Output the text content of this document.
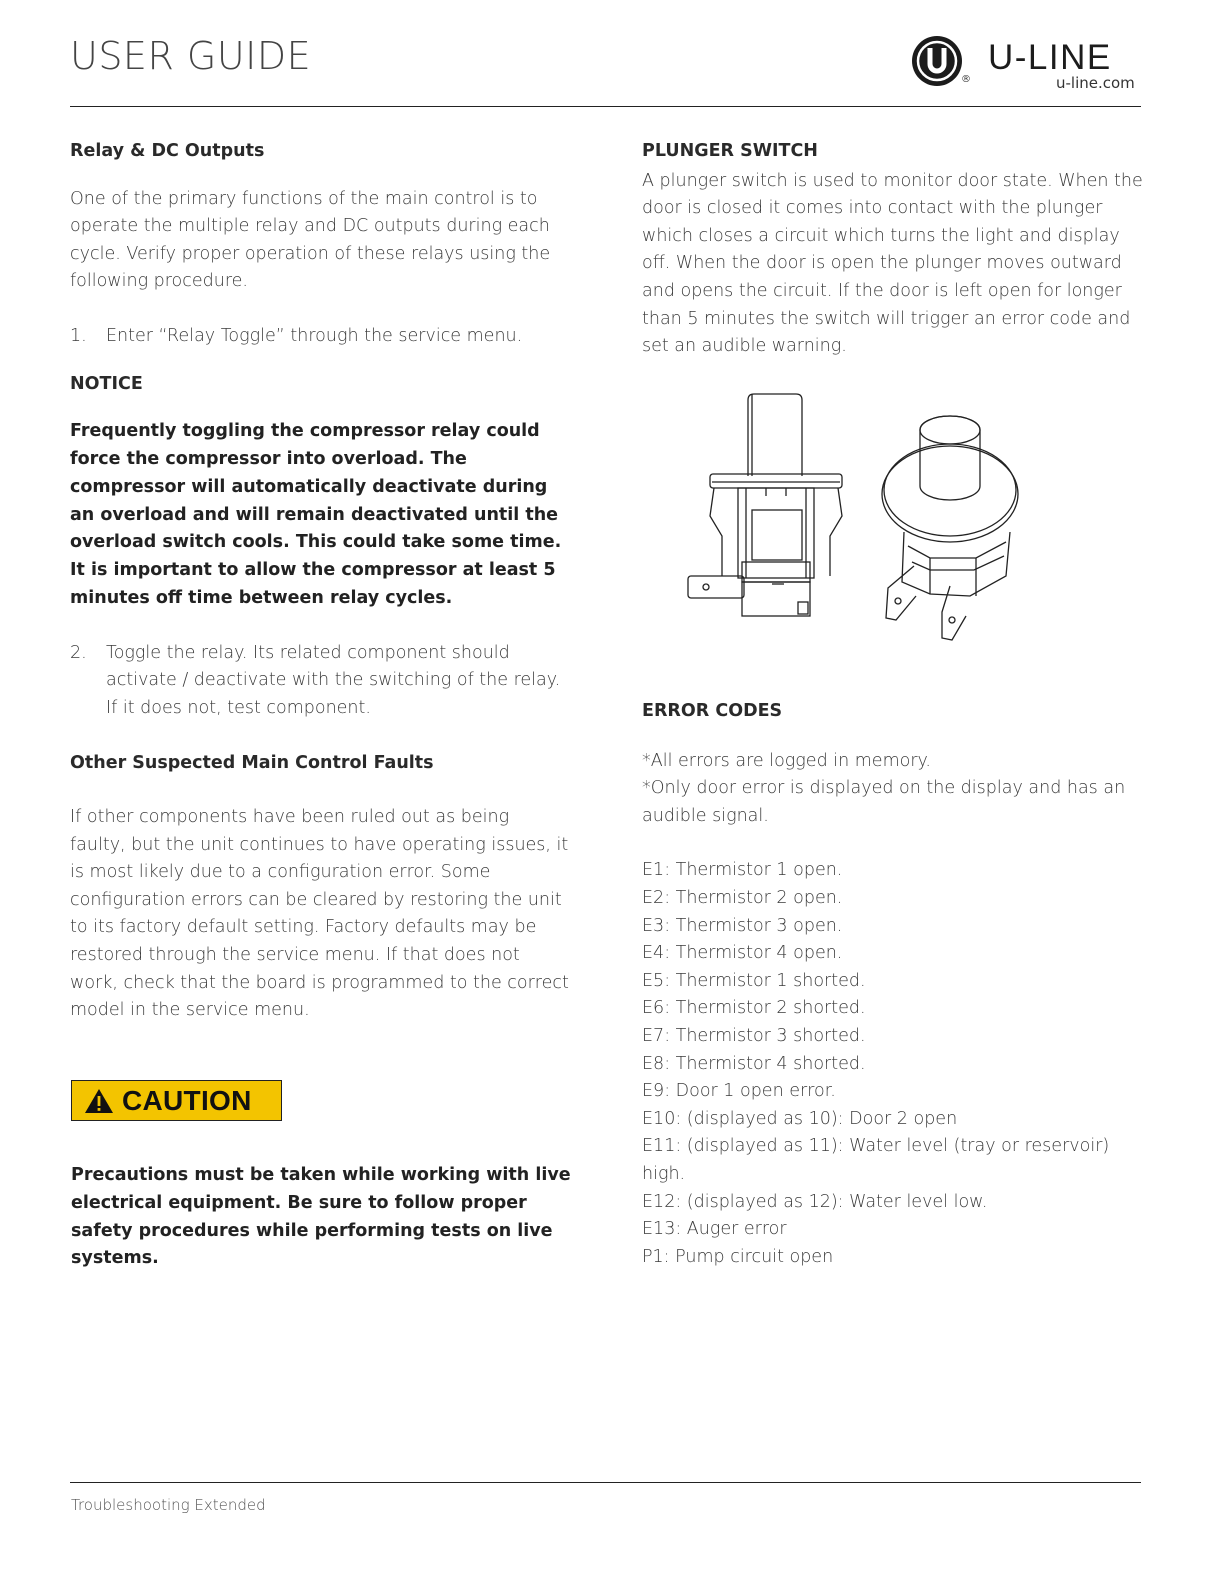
USER GUIDE	U-LINE
®	u-line.com

Relay & DC Outputs

One of the primary functions of the main control is to operate the multiple relay and DC outputs during each cycle. Verify proper operation of these relays using the following procedure.

1.	Enter “Relay Toggle” through the service menu.

NOTICE

Frequently toggling the compressor relay could force the compressor into overload. The compressor will automatically deactivate during an overload and will remain deactivated until the overload switch cools. This could take some time. It is important to allow the compressor at least 5 minutes off time between relay cycles.

2.	Toggle the relay. Its related component should activate / deactivate with the switching of the relay. If it does not, test component.

Other Suspected Main Control Faults

If other components have been ruled out as being faulty, but the unit continues to have operating issues, it is most likely due to a configuration error. Some configuration errors can be cleared by restoring the unit to its factory default setting. Factory defaults may be restored through the service menu. If that does not work, check that the board is programmed to the correct model in the service menu.

CAUTION

Precautions must be taken while working with live electrical equipment. Be sure to follow proper safety procedures while performing tests on live systems.

PLUNGER SWITCH

A plunger switch is used to monitor door state. When the door is closed it comes into contact with the plunger which closes a circuit which turns the light and display off. When the door is open the plunger moves outward and opens the circuit. If the door is left open for longer than 5 minutes the switch will trigger an error code and set an audible warning.

ERROR CODES

*All errors are logged in memory.

*Only door error is displayed on the display and has an audible signal.

E1: Thermistor 1 open.

E2: Thermistor 2 open.

E3: Thermistor 3 open.

E4: Thermistor 4 open.

E5: Thermistor 1 shorted.

E6: Thermistor 2 shorted.

E7: Thermistor 3 shorted.

E8: Thermistor 4 shorted.

E9: Door 1 open error.

E10: (displayed as 10): Door 2 open

E11: (displayed as 11): Water level (tray or reservoir) high.

E12: (displayed as 12): Water level low.

E13: Auger error

P1: Pump circuit open

Troubleshooting Extended
